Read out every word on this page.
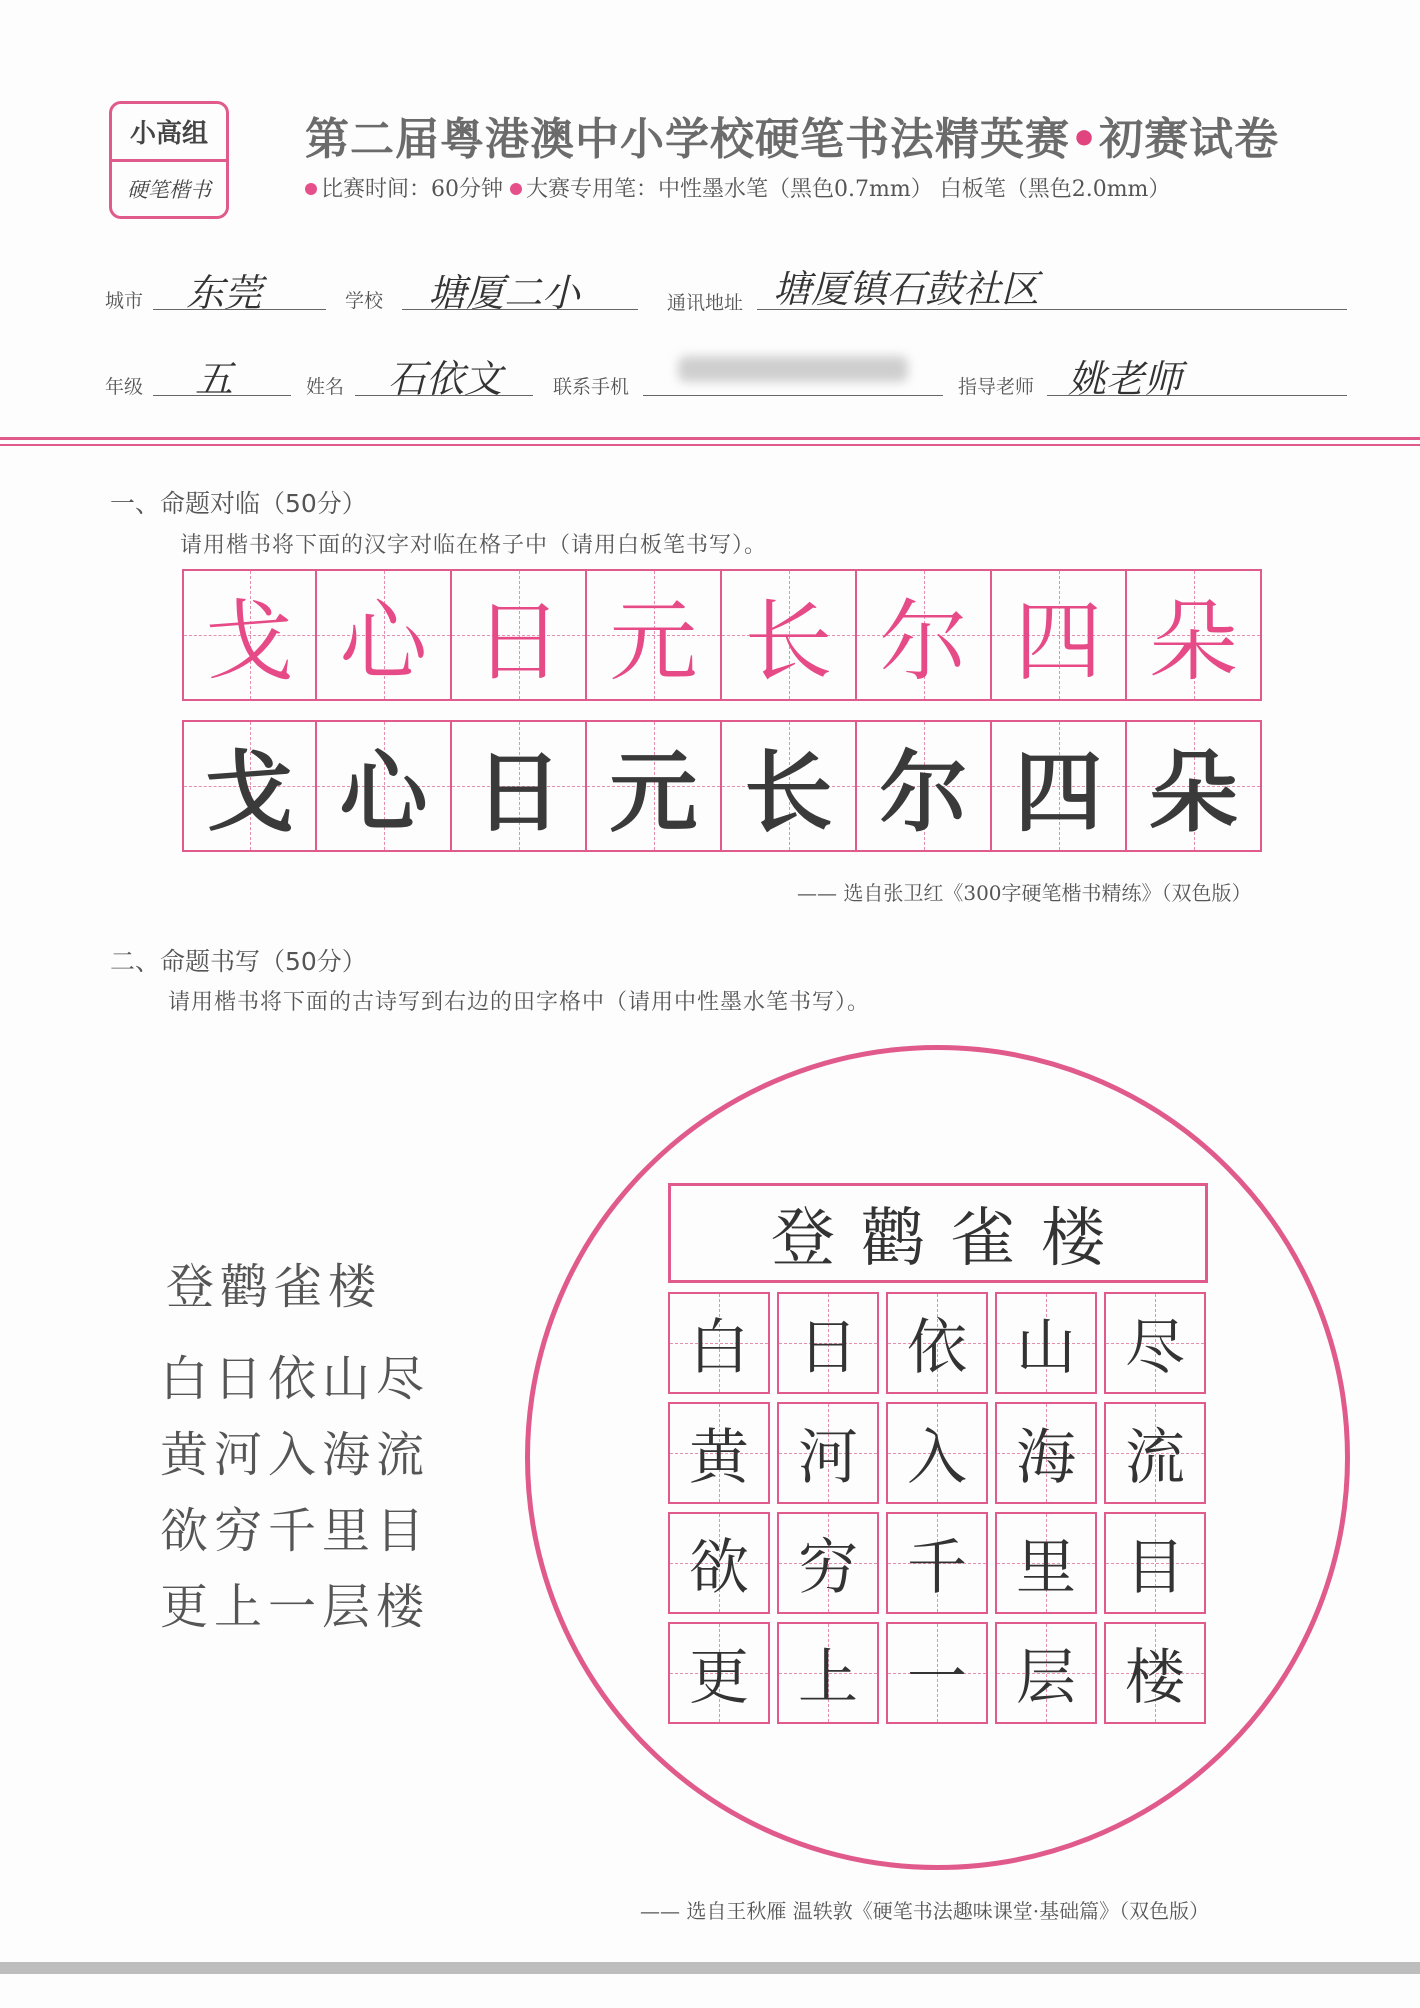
小高组
硬笔楷书
第二届粤港澳中小学校硬笔书法精英赛•初赛试卷
比赛时间：60分钟 大赛专用笔：中性墨水笔（黑色0.7mm） 白板笔（黑色2.0mm）
城市 东莞	学校 塘厦二小	通讯地址 塘厦镇石鼓社区
年级 五	姓名 石依文	联系手机	指导老师 姚老师
一、命题对临（50分）
请用楷书将下面的汉字对临在格子中（请用白板笔书写）。
戈 心 日 元 长 尔 四 朵
戈 心 日 元 长 尔 四 朵
—— 选自张卫红《300字硬笔楷书精练》（双色版）
二、命题书写（50分）
请用楷书将下面的古诗写到右边的田字格中（请用中性墨水笔书写）。
登鹳雀楼
白日依山尽
黄河入海流
欲穷千里目
更上一层楼
登鹳雀楼
白 日 依 山 尽
黄 河 入 海 流
欲 穷 千 里 目
更 上 一 层 楼
—— 选自王秋雁 温轶敦《硬笔书法趣味课堂·基础篇》（双色版）
